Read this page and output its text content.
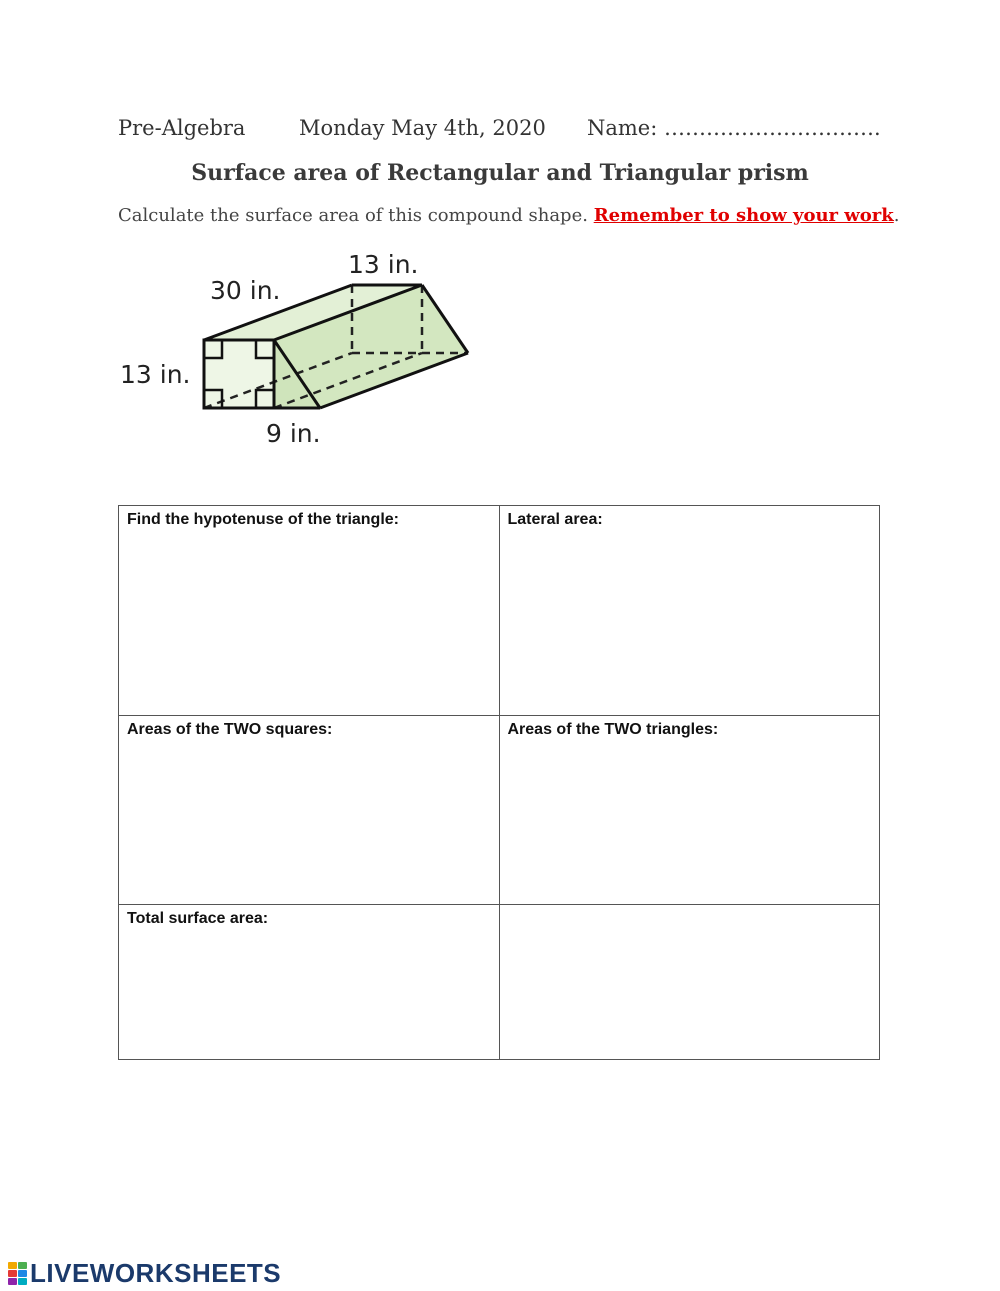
Pre-Algebra	Monday May 4th, 2020 Name: ………………………….
Surface area of Rectangular and Triangular prism
Calculate the surface area of this compound shape. Remember to show your work.
13 in.
30 in.
13 in.
9 in.
Find the hypotenuse of the triangle:	Lateral area:
Areas of the TWO squares:	Areas of the TWO triangles:
Total surface area:	
LIVEWORKSHEETS
